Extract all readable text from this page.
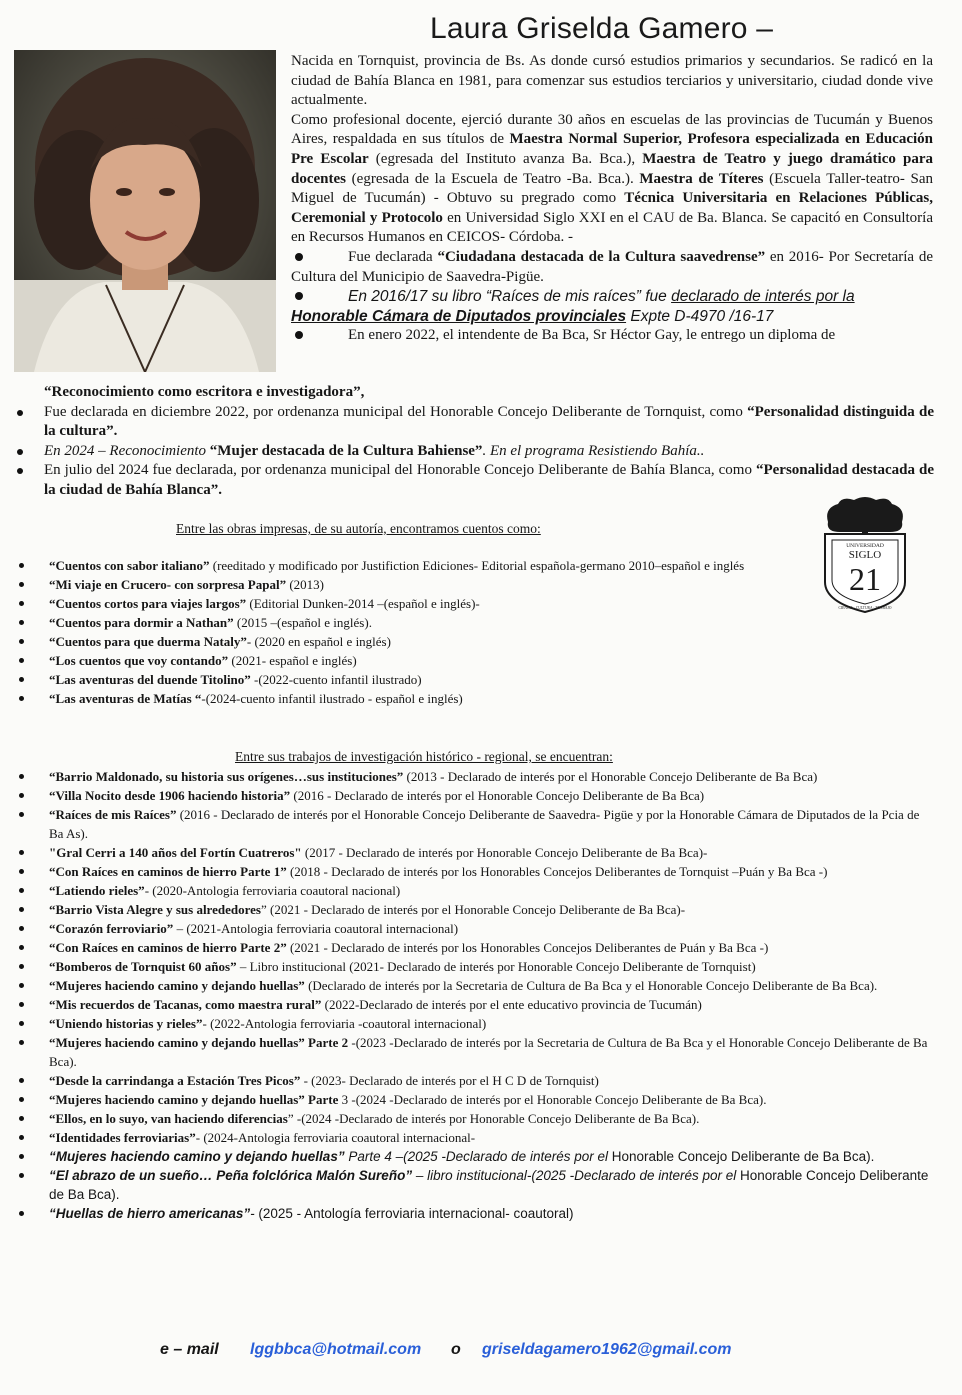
Laura Griselda Gamero –

Nacida en Tornquist, provincia de Bs. As donde cursó estudios primarios y secundarios. Se radicó en la ciudad de Bahía Blanca en 1981, para comenzar sus estudios terciarios y universitario, ciudad donde vive actualmente.

Como profesional docente, ejerció durante 30 años en escuelas de las provincias de Tucumán y Buenos Aires, respaldada en sus títulos de Maestra Normal Superior, Profesora especializada en Educación Pre Escolar (egresada del Instituto avanza Ba. Bca.), Maestra de Teatro y juego dramático para docentes (egresada de la Escuela de Teatro -Ba. Bca.). Maestra de Títeres (Escuela Taller-teatro- San Miguel de Tucumán) - Obtuvo su pregrado como Técnica Universitaria en Relaciones Públicas, Ceremonial y Protocolo en Universidad Siglo XXI en el CAU de Ba. Blanca. Se capacitó en Consultoría en Recursos Humanos en CEICOS- Córdoba. -

Fue declarada “Ciudadana destacada de la Cultura saavedrense” en 2016- Por Secretaría de Cultura del Municipio de Saavedra-Pigüe.

En 2016/17 su libro “Raíces de mis raíces” fue declarado de interés por la
Honorable Cámara de Diputados provinciales Expte D-4970 /16-17

En enero 2022, el intendente de Ba Bca, Sr Héctor Gay, le entrego un diploma de

“Reconocimiento como escritora e investigadora”,
Fue declarada en diciembre 2022, por ordenanza municipal del Honorable Concejo Deliberante de Tornquist, como “Personalidad distinguida de la cultura”.
En 2024 – Reconocimiento “Mujer destacada de la Cultura Bahiense”. En el programa Resistiendo Bahía..
En julio del 2024 fue declarada, por ordenanza municipal del Honorable Concejo Deliberante de Bahía Blanca, como “Personalidad destacada de la ciudad de Bahía Blanca”.
Entre las obras impresas, de su autoría, encontramos cuentos como:
UNIVERSIDAD
SIGLO
21
CIENCIA · CULTURA · TRABAJO
“Cuentos con sabor italiano” (reeditado y modificado por Justifiction Ediciones- Editorial española-germano 2010–español e inglés
“Mi viaje en Crucero- con sorpresa Papal” (2013)
“Cuentos cortos para viajes largos” (Editorial Dunken-2014 –(español e inglés)-
“Cuentos para dormir a Nathan” (2015 –(español e inglés).
“Cuentos para que duerma Nataly”- (2020 en español e inglés)
“Los cuentos que voy contando” (2021- español e inglés)
“Las aventuras del duende Titolino” -(2022-cuento infantil ilustrado)
“Las aventuras de Matías “-(2024-cuento infantil ilustrado - español e inglés)
Entre sus trabajos de investigación histórico - regional, se encuentran:
“Barrio Maldonado, su historia sus orígenes…sus instituciones” (2013 - Declarado de interés por el Honorable Concejo Deliberante de Ba Bca)
“Villa Nocito desde 1906 haciendo historia” (2016 - Declarado de interés por el Honorable Concejo Deliberante de Ba Bca)
“Raíces de mis Raíces” (2016 - Declarado de interés por el Honorable Concejo Deliberante de Saavedra- Pigüe y por la Honorable Cámara de Diputados de la Pcia de Ba As).
"Gral Cerri a 140 años del Fortín Cuatreros" (2017 - Declarado de interés por Honorable Concejo Deliberante de Ba Bca)-
“Con Raíces en caminos de hierro Parte 1” (2018 - Declarado de interés por los Honorables Concejos Deliberantes de Tornquist –Puán y Ba Bca -)
“Latiendo rieles”- (2020-Antologia ferroviaria coautoral nacional)
“Barrio Vista Alegre y sus alrededores” (2021 - Declarado de interés por el Honorable Concejo Deliberante de Ba Bca)-
“Corazón ferroviario” – (2021-Antologia ferroviaria coautoral internacional)
“Con Raíces en caminos de hierro Parte 2” (2021 - Declarado de interés por los Honorables Concejos Deliberantes de Puán y Ba Bca -)
“Bomberos de Tornquist 60 años” – Libro institucional (2021- Declarado de interés por Honorable Concejo Deliberante de Tornquist)
“Mujeres haciendo camino y dejando huellas” (Declarado de interés por la Secretaria de Cultura de Ba Bca y el Honorable Concejo Deliberante de Ba Bca).
“Mis recuerdos de Tacanas, como maestra rural” (2022-Declarado de interés por el ente educativo provincia de Tucumán)
“Uniendo historias y rieles”- (2022-Antologia ferroviaria -coautoral internacional)
“Mujeres haciendo camino y dejando huellas” Parte 2 -(2023 -Declarado de interés por la Secretaria de Cultura de Ba Bca y el Honorable Concejo Deliberante de Ba Bca).
“Desde la carrindanga a Estación Tres Picos” - (2023- Declarado de interés por el H C D de Tornquist)
“Mujeres haciendo camino y dejando huellas” Parte 3 -(2024 -Declarado de interés por el Honorable Concejo Deliberante de Ba Bca).
“Ellos, en lo suyo, van haciendo diferencias” -(2024 -Declarado de interés por Honorable Concejo Deliberante de Ba Bca).
“Identidades ferroviarias”- (2024-Antologia ferroviaria coautoral internacional-
“Mujeres haciendo camino y dejando huellas” Parte 4 –(2025 -Declarado de interés por el Honorable Concejo Deliberante de Ba Bca).
“El abrazo de un sueño… Peña folclórica Malón Sureño” – libro institucional-(2025 -Declarado de interés por el Honorable Concejo Deliberante de Ba Bca).
“Huellas de hierro americanas”- (2025 - Antología ferroviaria internacional- coautoral)
e – mail lggbbca@hotmail.com o griseldagamero1962@gmail.com
